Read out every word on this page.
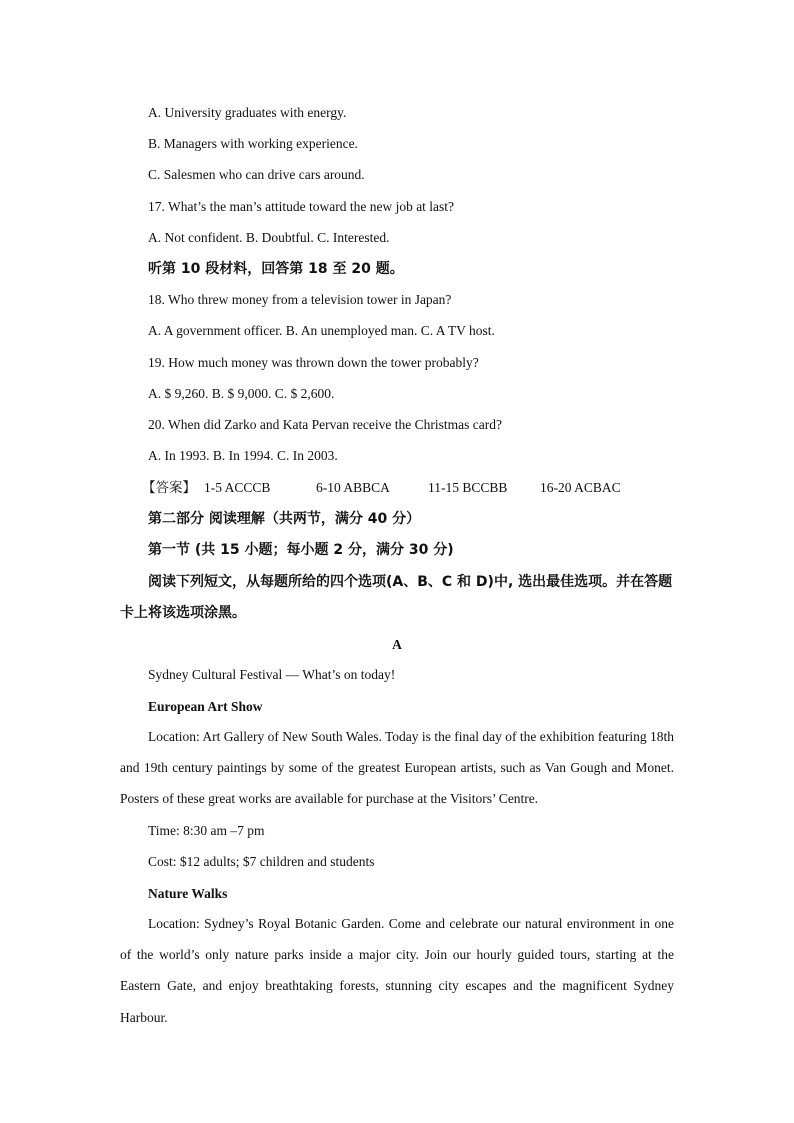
A. University graduates with energy.
B. Managers with working experience.
C. Salesmen who can drive cars around.
17. What’s the man’s attitude toward the new job at last?
A. Not confident. B. Doubtful. C. Interested.
听第 10 段材料，回答第 18 至 20 题。
18. Who threw money from a television tower in Japan?
A. A government officer. B. An unemployed man. C. A TV host.
19. How much money was thrown down the tower probably?
A. $ 9,260. B. $ 9,000. C. $ 2,600.
20. When did Zarko and Kata Pervan receive the Christmas card?
A. In 1993. B. In 1994. C. In 2003.
【答案】 1-5 ACCCB	6-10 ABBCA	11-15 BCCBB 16-20 ACBAC
第二部分 阅读理解（共两节，满分 40 分）
第一节 (共 15 小题；每小题 2 分，满分 30 分)
阅读下列短文，从每题所给的四个选项(A、B、C 和 D)中, 选出最佳选项。并在答题
卡上将该选项涂黑。
A
Sydney Cultural Festival — What’s on today!
European Art Show
Location: Art Gallery of New South Wales. Today is the final day of the exhibition featuring 18th and 19th century paintings by some of the greatest European artists, such as Van Gough and Monet. Posters of these great works are available for purchase at the Visitors’ Centre.
Time: 8:30 am –7 pm
Cost: $12 adults; $7 children and students
Nature Walks
Location: Sydney’s Royal Botanic Garden. Come and celebrate our natural environment in one of the world’s only nature parks inside a major city. Join our hourly guided tours, starting at the Eastern Gate, and enjoy breathtaking forests, stunning city escapes and the magnificent Sydney Harbour.
